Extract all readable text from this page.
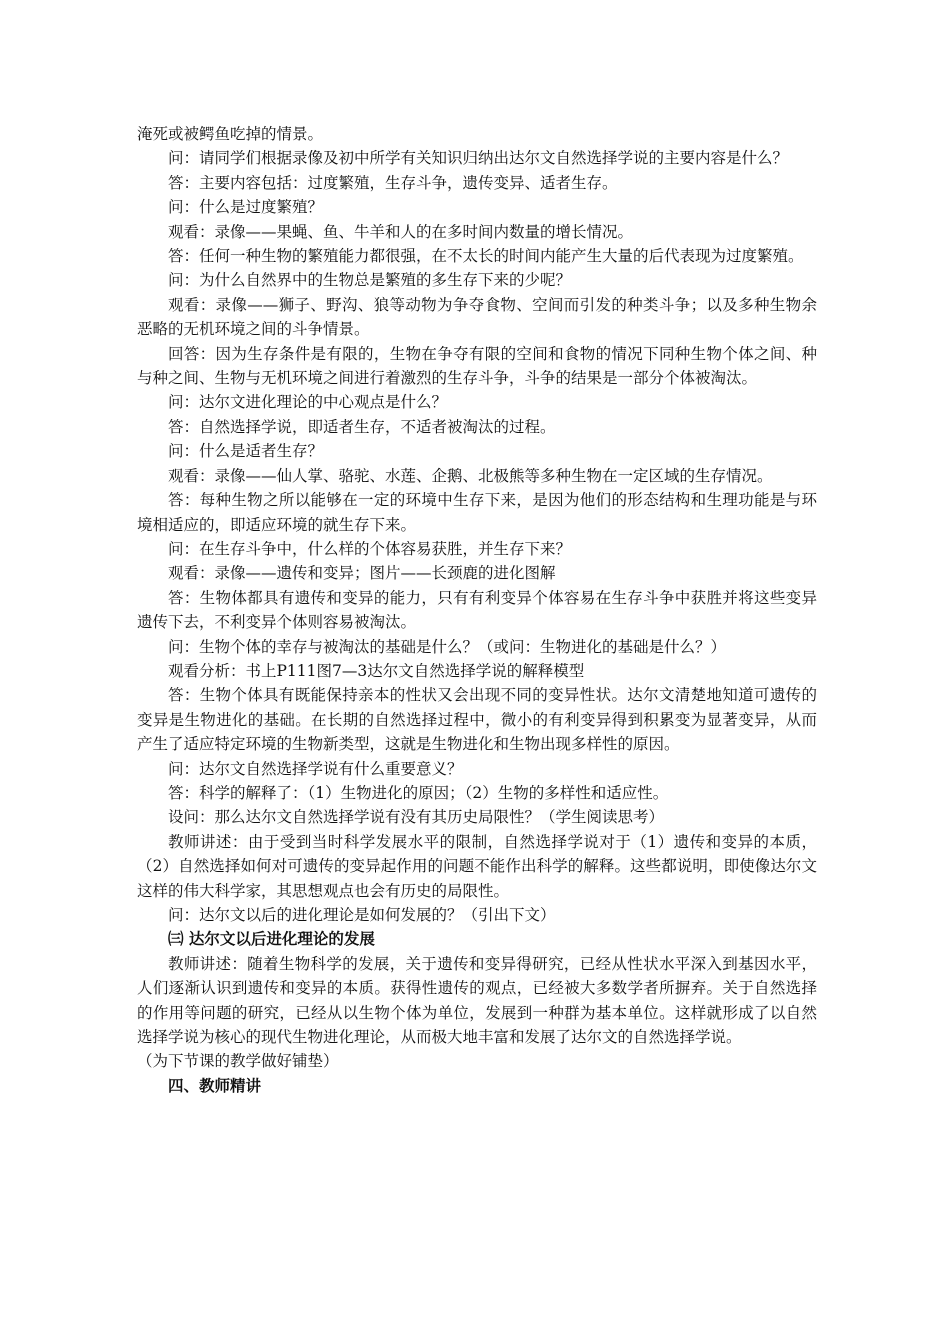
淹死或被鳄鱼吃掉的情景。

问：请同学们根据录像及初中所学有关知识归纳出达尔文自然选择学说的主要内容是什么？

答：主要内容包括：过度繁殖，生存斗争，遗传变异、适者生存。

问：什么是过度繁殖？

观看：录像——果蝇、鱼、牛羊和人的在多时间内数量的增长情况。

答：任何一种生物的繁殖能力都很强，在不太长的时间内能产生大量的后代表现为过度繁殖。

问：为什么自然界中的生物总是繁殖的多生存下来的少呢？

观看：录像——狮子、野沟、狼等动物为争夺食物、空间而引发的种类斗争；以及多种生物余恶略的无机环境之间的斗争情景。

回答：因为生存条件是有限的，生物在争夺有限的空间和食物的情况下同种生物个体之间、种与种之间、生物与无机环境之间进行着激烈的生存斗争，斗争的结果是一部分个体被淘汰。

问：达尔文进化理论的中心观点是什么？

答：自然选择学说，即适者生存，不适者被淘汰的过程。

问：什么是适者生存？

观看：录像——仙人掌、骆驼、水莲、企鹅、北极熊等多种生物在一定区域的生存情况。

答：每种生物之所以能够在一定的环境中生存下来，是因为他们的形态结构和生理功能是与环境相适应的，即适应环境的就生存下来。

问：在生存斗争中，什么样的个体容易获胜，并生存下来？

观看：录像——遗传和变异；图片——长颈鹿的进化图解

答：生物体都具有遗传和变异的能力，只有有利变异个体容易在生存斗争中获胜并将这些变异遗传下去，不利变异个体则容易被淘汰。

问：生物个体的幸存与被淘汰的基础是什么？（或问：生物进化的基础是什么？）

观看分析：书上P111图7—3达尔文自然选择学说的解释模型

答：生物个体具有既能保持亲本的性状又会出现不同的变异性状。达尔文清楚地知道可遗传的变异是生物进化的基础。在长期的自然选择过程中，微小的有利变异得到积累变为显著变异，从而产生了适应特定环境的生物新类型，这就是生物进化和生物出现多样性的原因。

问：达尔文自然选择学说有什么重要意义？

答：科学的解释了：（1）生物进化的原因；（2）生物的多样性和适应性。

设问：那么达尔文自然选择学说有没有其历史局限性？（学生阅读思考）

教师讲述：由于受到当时科学发展水平的限制，自然选择学说对于（1）遗传和变异的本质，（2）自然选择如何对可遗传的变异起作用的问题不能作出科学的解释。这些都说明，即使像达尔文这样的伟大科学家，其思想观点也会有历史的局限性。

问：达尔文以后的进化理论是如何发展的？（引出下文）

㈢ 达尔文以后进化理论的发展

教师讲述：随着生物科学的发展，关于遗传和变异得研究，已经从性状水平深入到基因水平，人们逐渐认识到遗传和变异的本质。获得性遗传的观点，已经被大多数学者所摒弃。关于自然选择的作用等问题的研究，已经从以生物个体为单位，发展到一种群为基本单位。这样就形成了以自然选择学说为核心的现代生物进化理论，从而极大地丰富和发展了达尔文的自然选择学说。

（为下节课的教学做好铺垫）

四、教师精讲
